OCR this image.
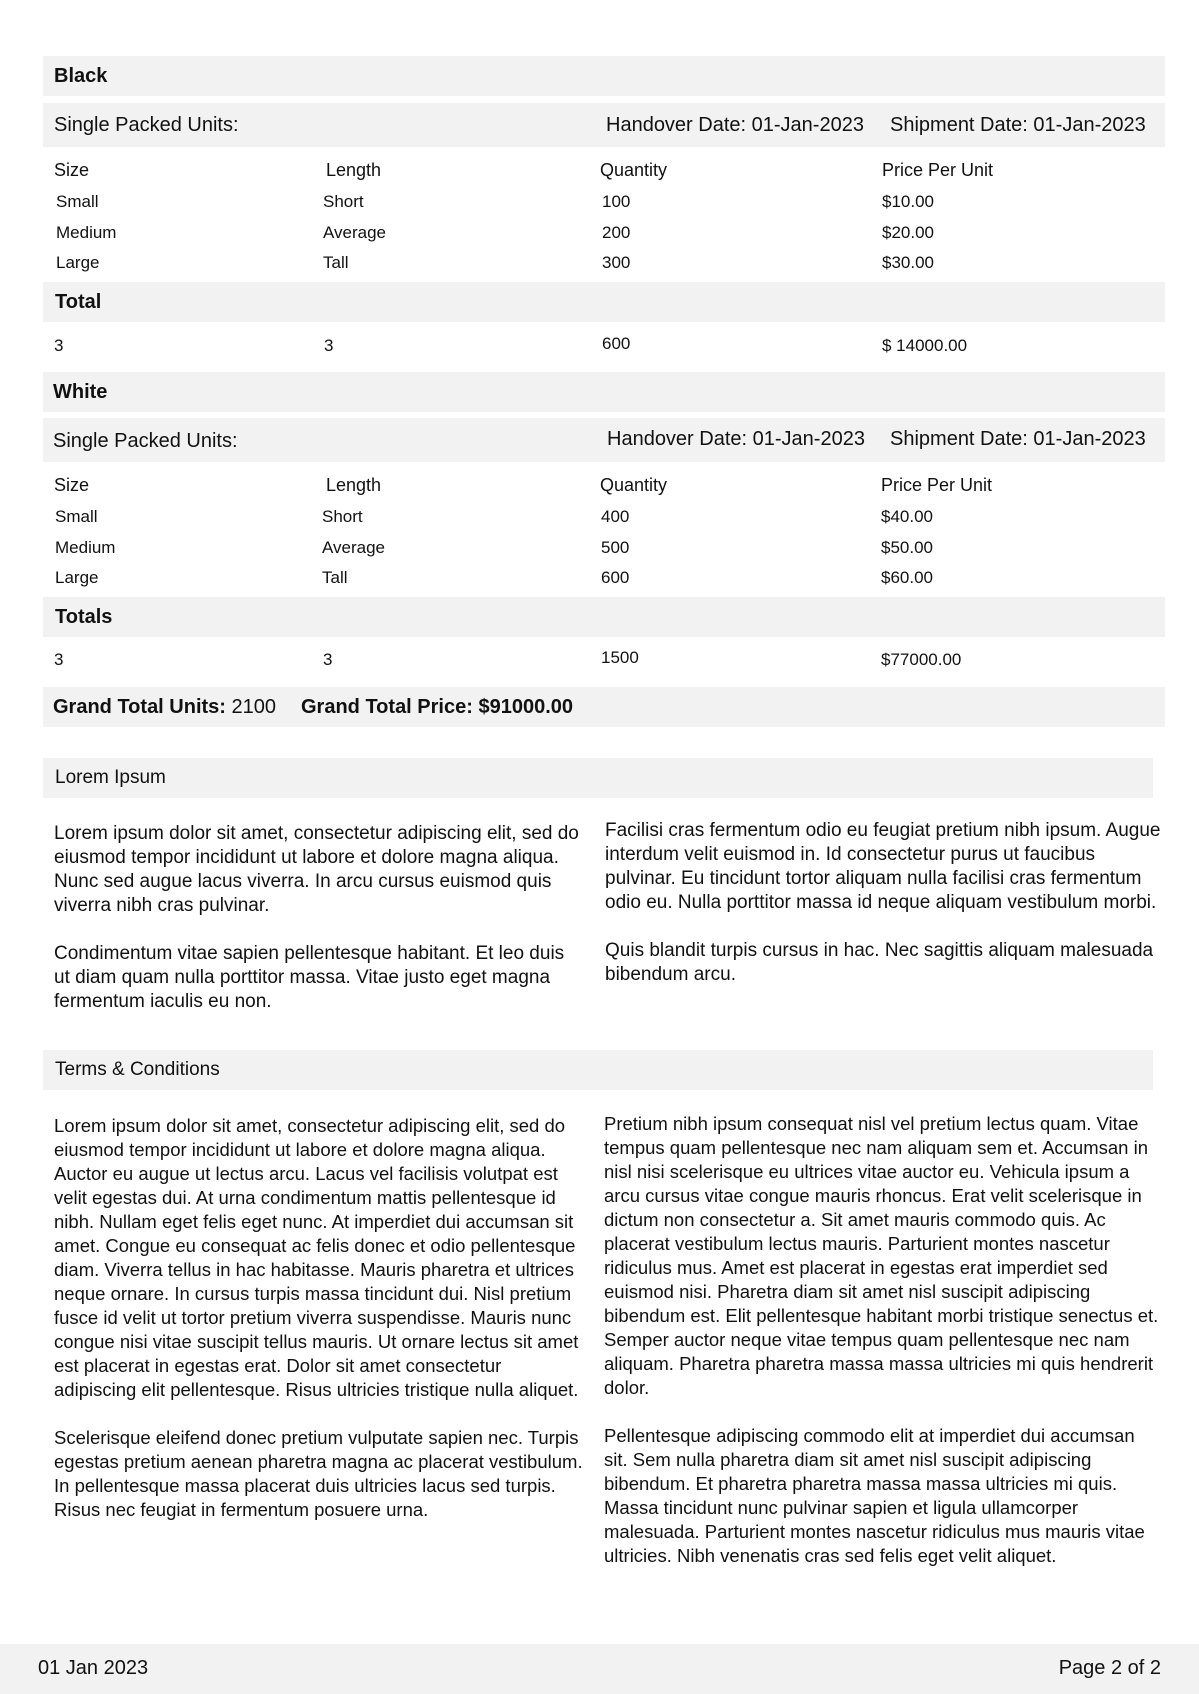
Black
Single Packed Units:	Handover Date: 01-Jan-2023 Shipment Date: 01-Jan-2023
Size	Length	Quantity	Price Per Unit
Small	Short	100	$10.00
Medium	Average	200	$20.00
Large	Tall	300	$30.00
Total
3	3	600	$ 14000.00
White
Single Packed Units:	Handover Date: 01-Jan-2023 Shipment Date: 01-Jan-2023
Size	Length	Quantity	Price Per Unit
Small	Short	400	$40.00
Medium	Average	500	$50.00
Large	Tall	600	$60.00
Totals
3	3	1500	$77000.00
Grand Total Units: 2100 Grand Total Price: $91000.00
Lorem Ipsum

Lorem ipsum dolor sit amet, consectetur adipiscing elit, sed do eiusmod tempor incididunt ut labore et dolore magna aliqua. Nunc sed augue lacus viverra. In arcu cursus euismod quis viverra nibh cras pulvinar.

Condimentum vitae sapien pellentesque habitant. Et leo duis ut diam quam nulla porttitor massa. Vitae justo eget magna fermentum iaculis eu non.

Facilisi cras fermentum odio eu feugiat pretium nibh ipsum. Augue interdum velit euismod in. Id consectetur purus ut faucibus pulvinar. Eu tincidunt tortor aliquam nulla facilisi cras fermentum odio eu. Nulla porttitor massa id neque aliquam vestibulum morbi.

Quis blandit turpis cursus in hac. Nec sagittis aliquam malesuada bibendum arcu.

Terms & Conditions

Lorem ipsum dolor sit amet, consectetur adipiscing elit, sed do eiusmod tempor incididunt ut labore et dolore magna aliqua. Auctor eu augue ut lectus arcu. Lacus vel facilisis volutpat est velit egestas dui. At urna condimentum mattis pellentesque id nibh. Nullam eget felis eget nunc. At imperdiet dui accumsan sit amet. Congue eu consequat ac felis donec et odio pellentesque diam. Viverra tellus in hac habitasse. Mauris pharetra et ultrices neque ornare. In cursus turpis massa tincidunt dui. Nisl pretium fusce id velit ut tortor pretium viverra suspendisse. Mauris nunc congue nisi vitae suscipit tellus mauris. Ut ornare lectus sit amet est placerat in egestas erat. Dolor sit amet consectetur adipiscing elit pellentesque. Risus ultricies tristique nulla aliquet.

Scelerisque eleifend donec pretium vulputate sapien nec. Turpis egestas pretium aenean pharetra magna ac placerat vestibulum. In pellentesque massa placerat duis ultricies lacus sed turpis. Risus nec feugiat in fermentum posuere urna.

Pretium nibh ipsum consequat nisl vel pretium lectus quam. Vitae tempus quam pellentesque nec nam aliquam sem et. Accumsan in nisl nisi scelerisque eu ultrices vitae auctor eu. Vehicula ipsum a arcu cursus vitae congue mauris rhoncus. Erat velit scelerisque in dictum non consectetur a. Sit amet mauris commodo quis. Ac placerat vestibulum lectus mauris. Parturient montes nascetur ridiculus mus. Amet est placerat in egestas erat imperdiet sed euismod nisi. Pharetra diam sit amet nisl suscipit adipiscing bibendum est. Elit pellentesque habitant morbi tristique senectus et. Semper auctor neque vitae tempus quam pellentesque nec nam aliquam. Pharetra pharetra massa massa ultricies mi quis hendrerit dolor.

Pellentesque adipiscing commodo elit at imperdiet dui accumsan sit. Sem nulla pharetra diam sit amet nisl suscipit adipiscing bibendum. Et pharetra pharetra massa massa ultricies mi quis. Massa tincidunt nunc pulvinar sapien et ligula ullamcorper malesuada. Parturient montes nascetur ridiculus mus mauris vitae ultricies. Nibh venenatis cras sed felis eget velit aliquet.

01 Jan 2023	Page 2 of 2
